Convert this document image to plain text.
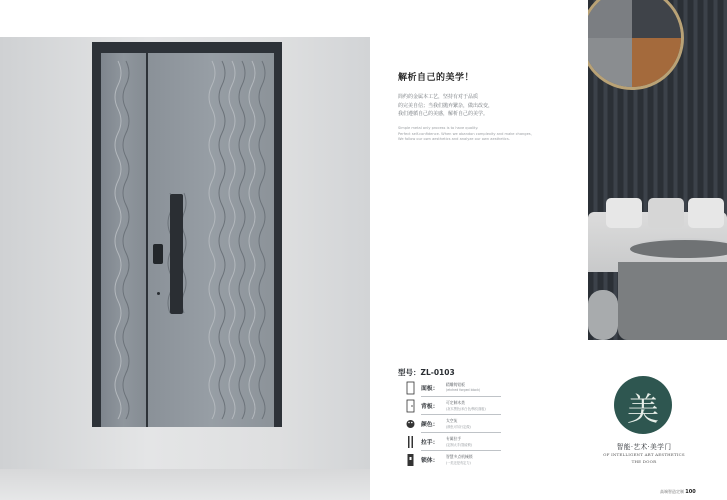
解析自己的美学！
简约的金属本工艺，坚持有对于品质
的完美自信；当我们抛弃繁杂，做出改变，
我们遵循自己的美感，解析自己的美学。
Simple metal only process is to have quality.
Perfect self-confidence. When we abandon complexity and make changes,
We follow our own aesthetics and analyze our own aesthetics.
型号：ZL-0103
面板：
精雕铸铝板
(etched forged block)
背板：
可定制木类
(灰木黑色/米白色/铸纹面板)
颜色：
太空灰
(颜色可另行定做)
拉手：
专属拉手
(定制太手/智能锁)
锁体：
智慧多点机械锁
(一类还是有定力)
美
智能·艺术·美学门
OF INTELLIGENT ART AESTHETICS
THE DOOR
高端智造定制 100
